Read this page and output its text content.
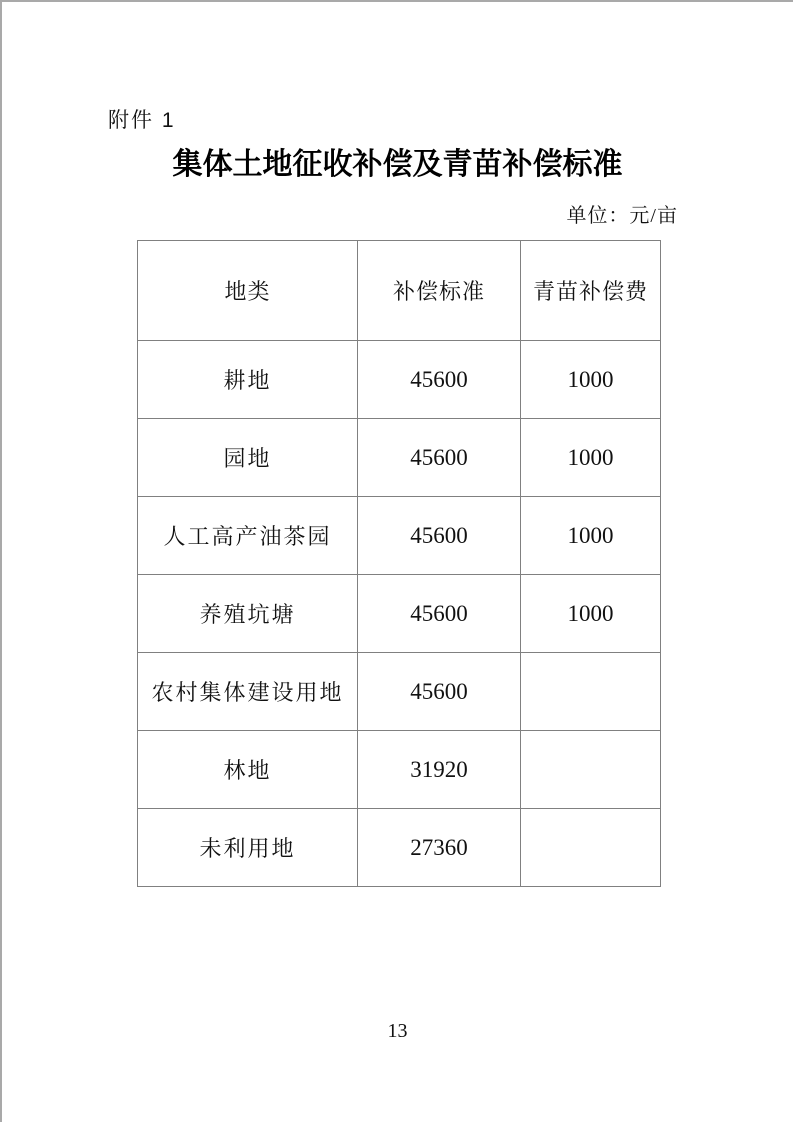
附件 1
集体土地征收补偿及青苗补偿标准
单位：元/亩
地类	补偿标准	青苗补偿费
耕地	45600	1000
园地	45600	1000
人工高产油茶园	45600	1000
养殖坑塘	45600	1000
农村集体建设用地	45600	
林地	31920	
未利用地	27360	
13
